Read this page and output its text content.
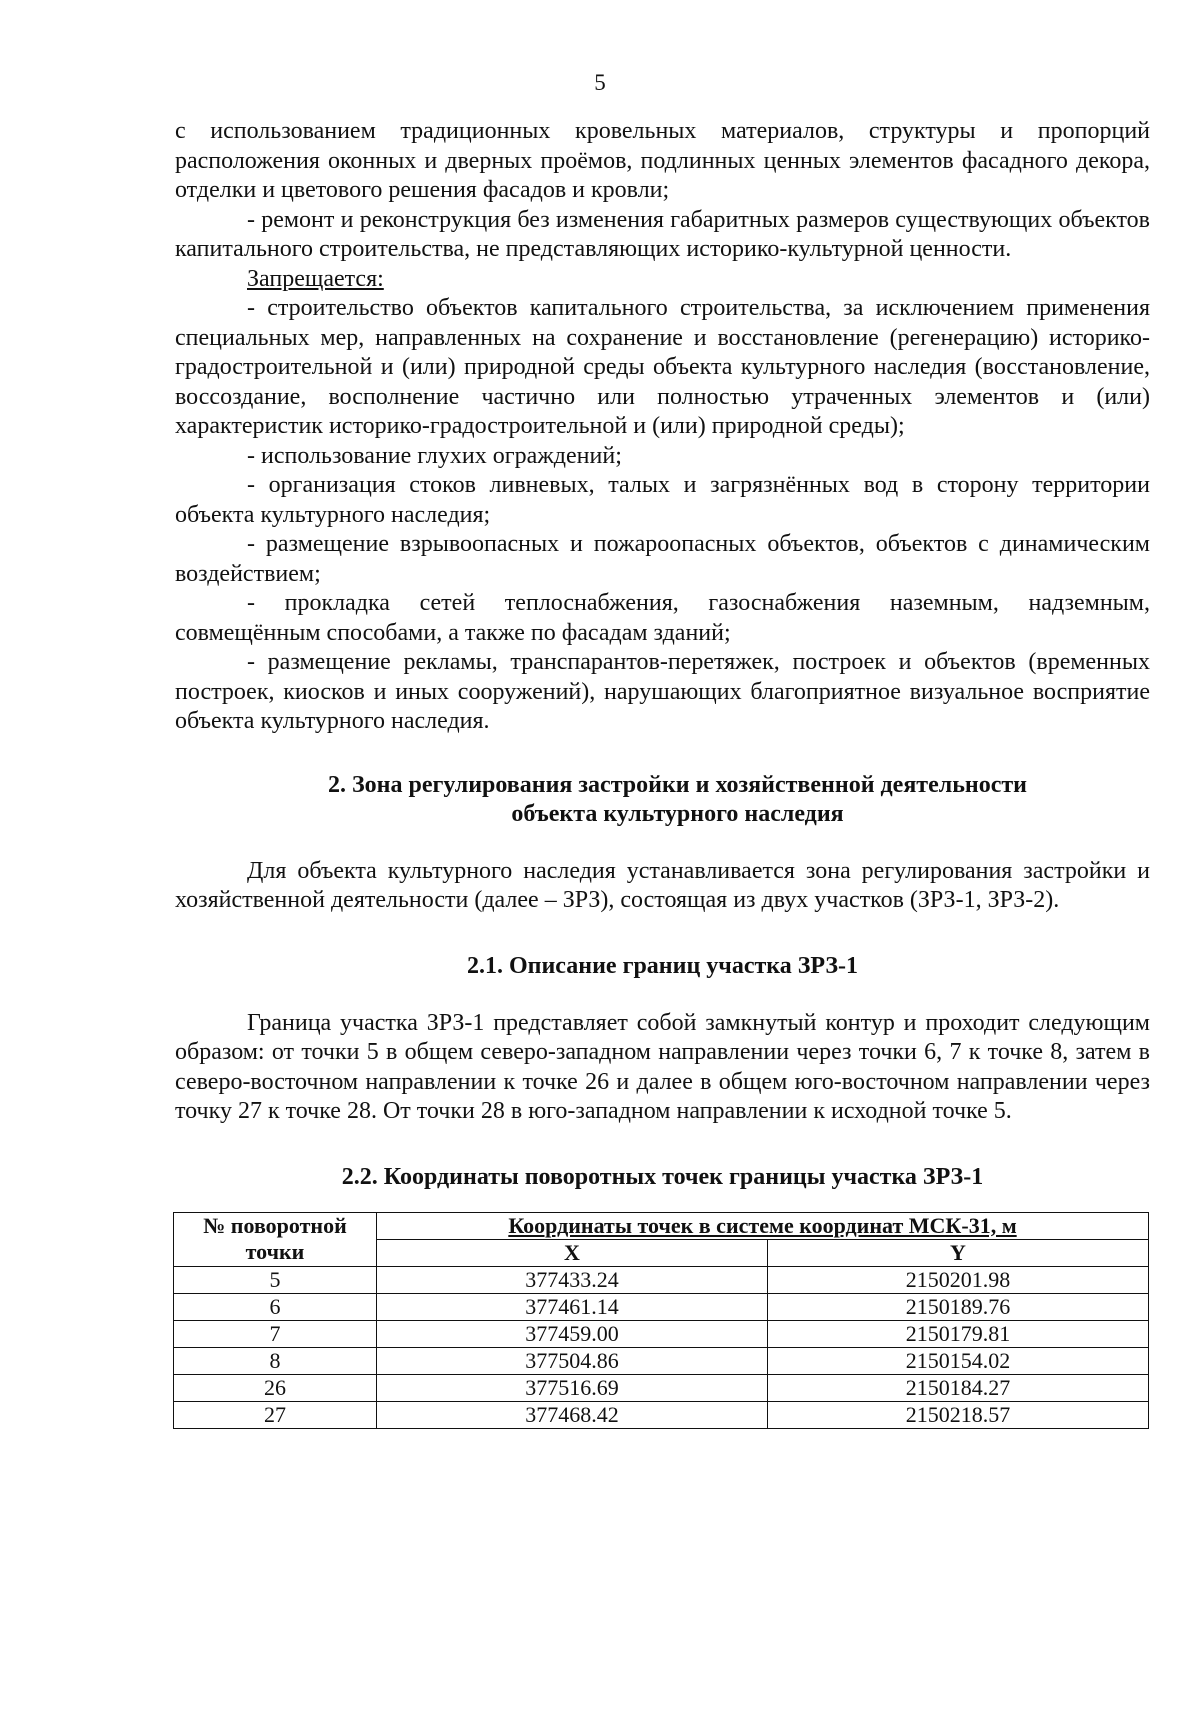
5

с использованием традиционных кровельных материалов, структуры и пропорций расположения оконных и дверных проёмов, подлинных ценных элементов фасадного декора, отделки и цветового решения фасадов и кровли;

- ремонт и реконструкция без изменения габаритных размеров существующих объектов капитального строительства, не представляющих историко-культурной ценности.

Запрещается:

- строительство объектов капитального строительства, за исключением применения специальных мер, направленных на сохранение и восстановление (регенерацию) историко-градостроительной и (или) природной среды объекта культурного наследия (восстановление, воссоздание, восполнение частично или полностью утраченных элементов и (или) характеристик историко-градостроительной и (или) природной среды);

- использование глухих ограждений;

- организация стоков ливневых, талых и загрязнённых вод в сторону территории объекта культурного наследия;

- размещение взрывоопасных и пожароопасных объектов, объектов с динамическим воздействием;

- прокладка сетей теплоснабжения, газоснабжения наземным, надземным, совмещённым способами, а также по фасадам зданий;

- размещение рекламы, транспарантов-перетяжек, построек и объектов (временных построек, киосков и иных сооружений), нарушающих благоприятное визуальное восприятие объекта культурного наследия.

2. Зона регулирования застройки и хозяйственной деятельности
объекта культурного наследия

Для объекта культурного наследия устанавливается зона регулирования застройки и хозяйственной деятельности (далее – ЗРЗ), состоящая из двух участков (ЗРЗ-1, ЗРЗ-2).

2.1. Описание границ участка ЗРЗ-1

Граница участка ЗРЗ-1 представляет собой замкнутый контур и проходит следующим образом: от точки 5 в общем северо-западном направлении через точки 6, 7 к точке 8, затем в северо-восточном направлении к точке 26 и далее в общем юго-восточном направлении через точку 27 к точке 28. От точки 28 в юго-западном направлении к исходной точке 5.

2.2. Координаты поворотных точек границы участка ЗРЗ-1
№ поворотной
точки	Координаты точек в системе координат МСК-31, м	
	X	Y
5	377433.24	2150201.98
6	377461.14	2150189.76
7	377459.00	2150179.81
8	377504.86	2150154.02
26	377516.69	2150184.27
27	377468.42	2150218.57
